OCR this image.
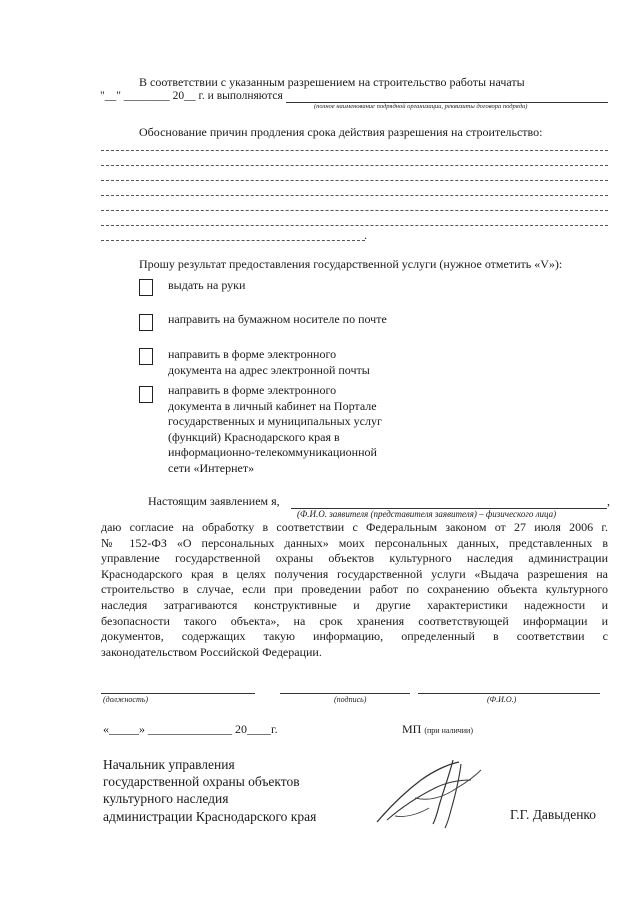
В соответствии с указанным разрешением на строительство работы начаты
"__" ________ 20__ г. и выполняются
(полное наименование подрядной организации, реквизиты договора подряда)
Обоснование причин продления срока действия разрешения на строительство:
.
Прошу результат предоставления государственной услуги (нужное отметить «V»):
выдать на руки
направить на бумажном носителе по почте
направить в форме электронного
документа на адрес электронной почты
направить в форме электронного
документа в личный кабинет на Портале
государственных и муниципальных услуг
(функций) Краснодарского края в
информационно-телекоммуникационной
сети «Интернет»
Настоящим заявлением я,	,
(Ф.И.О. заявителя (представителя заявителя) – физического лица)
даю согласие на обработку в соответствии с Федеральным законом от 27 июля 2006 г.
№ 152-ФЗ «О персональных данных» моих персональных данных, представленных в
управление государственной охраны объектов культурного наследия администрации
Краснодарского края в целях получения государственной услуги «Выдача разрешения на
строительство в случае, если при проведении работ по сохранению объекта культурного
наследия затрагиваются конструктивные и другие характеристики надежности и
безопасности такого объекта», на срок хранения соответствующей информации и
документов, содержащих такую информацию, определенный в соответствии с
законодательством Российской Федерации.
(должность)	(подпись)	(Ф.И.О.)
«_____» ______________ 20____г.	МП (при наличии)
Начальник управления
государственной охраны объектов
культурного наследия
администрации Краснодарского края	Г.Г. Давыденко
